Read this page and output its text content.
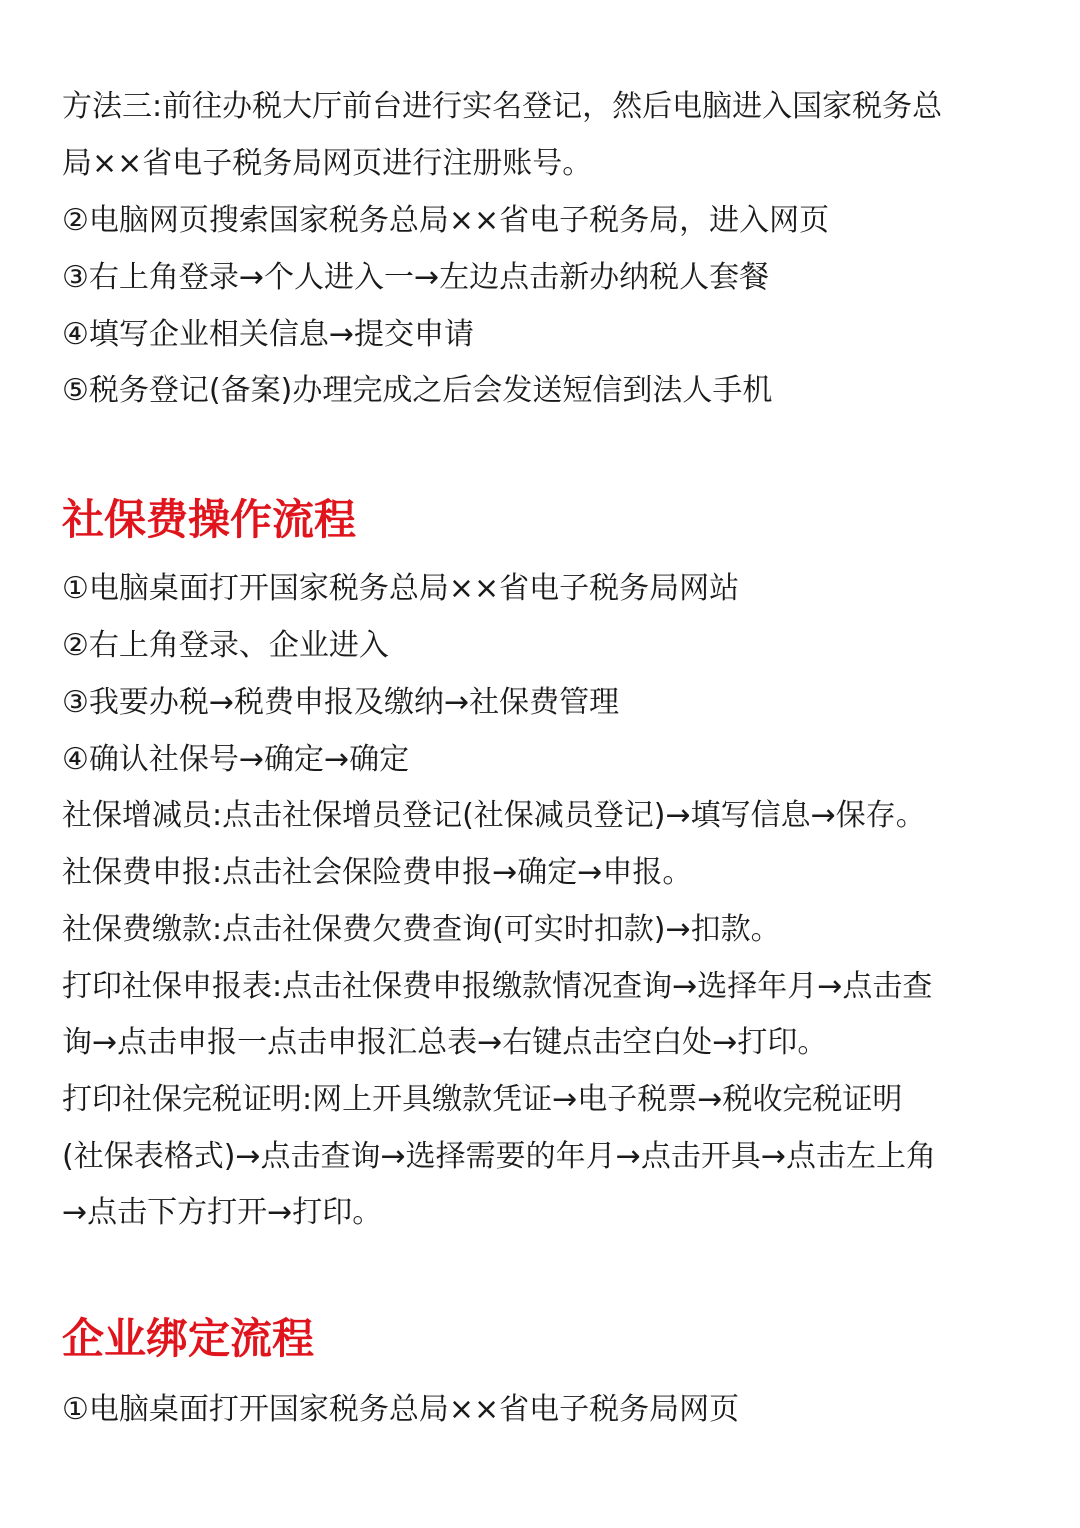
方法三:前往办税大厅前台进行实名登记，然后电脑进入国家税务总
局××省电子税务局网页进行注册账号。
②电脑网页搜索国家税务总局××省电子税务局，进入网页
③右上角登录→个人进入一→左边点击新办纳税人套餐
④填写企业相关信息→提交申请
⑤税务登记(备案)办理完成之后会发送短信到法人手机
社保费操作流程
①电脑桌面打开国家税务总局××省电子税务局网站
②右上角登录、企业进入
③我要办税→税费申报及缴纳→社保费管理
④确认社保号→确定→确定
社保增减员:点击社保增员登记(社保减员登记)→填写信息→保存。
社保费申报:点击社会保险费申报→确定→申报。
社保费缴款:点击社保费欠费查询(可实时扣款)→扣款。
打印社保申报表:点击社保费申报缴款情况查询→选择年月→点击查
询→点击申报一点击申报汇总表→右键点击空白处→打印。
打印社保完税证明:网上开具缴款凭证→电子税票→税收完税证明
(社保表格式)→点击查询→选择需要的年月→点击开具→点击左上角
→点击下方打开→打印。
企业绑定流程
①电脑桌面打开国家税务总局××省电子税务局网页
